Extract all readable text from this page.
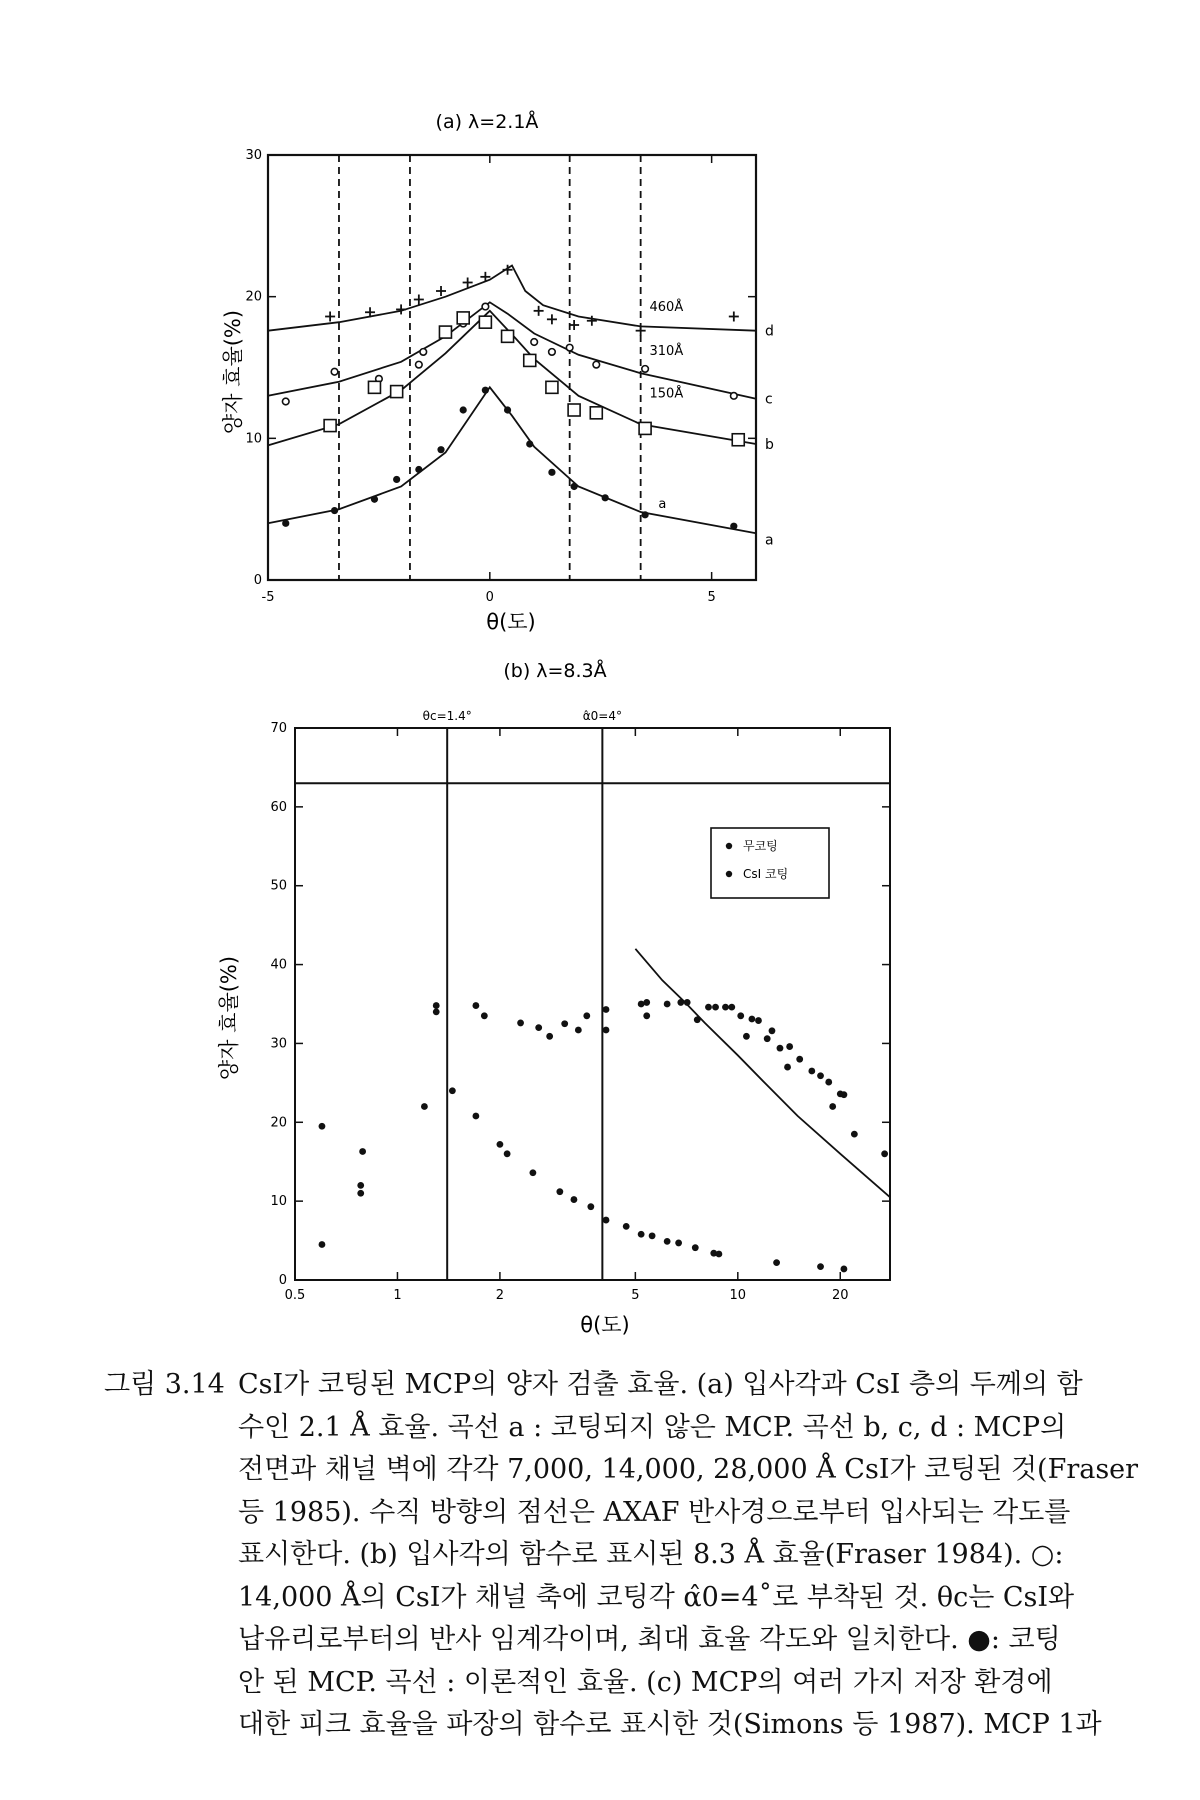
(a) λ=2.1Å
θ(도)
양자 효율(%)
-5	0	5
0
10
20
30
d
460Å
c
310Å
b
150Å
a
a
(b) λ=8.3Å
θ(도)
양자 효율(%)
0.5	1	2	5	10	20
0
10
20
30
40
50
60
70
θc=1.4°	α̂0=4°
무코팅
CsI 코팅
그림 3.14 CsI가 코팅된 MCP의 양자 검출 효율. (a) 입사각과 CsI 층의 두께의 함
수인 2.1 Å 효율. 곡선 a : 코팅되지 않은 MCP. 곡선 b, c, d : MCP의
전면과 채널 벽에 각각 7,000, 14,000, 28,000 Å CsI가 코팅된 것(Fraser
등 1985). 수직 방향의 점선은 AXAF 반사경으로부터 입사되는 각도를
표시한다. (b) 입사각의 함수로 표시된 8.3 Å 효율(Fraser 1984). ○:
14,000 Å의 CsI가 채널 축에 코팅각 α̂0=4˚로 부착된 것. θc는 CsI와
납유리로부터의 반사 임계각이며, 최대 효율 각도와 일치한다. ●: 코팅
안 된 MCP. 곡선 : 이론적인 효율. (c) MCP의 여러 가지 저장 환경에
대한 피크 효율을 파장의 함수로 표시한 것(Simons 등 1987). MCP 1과
